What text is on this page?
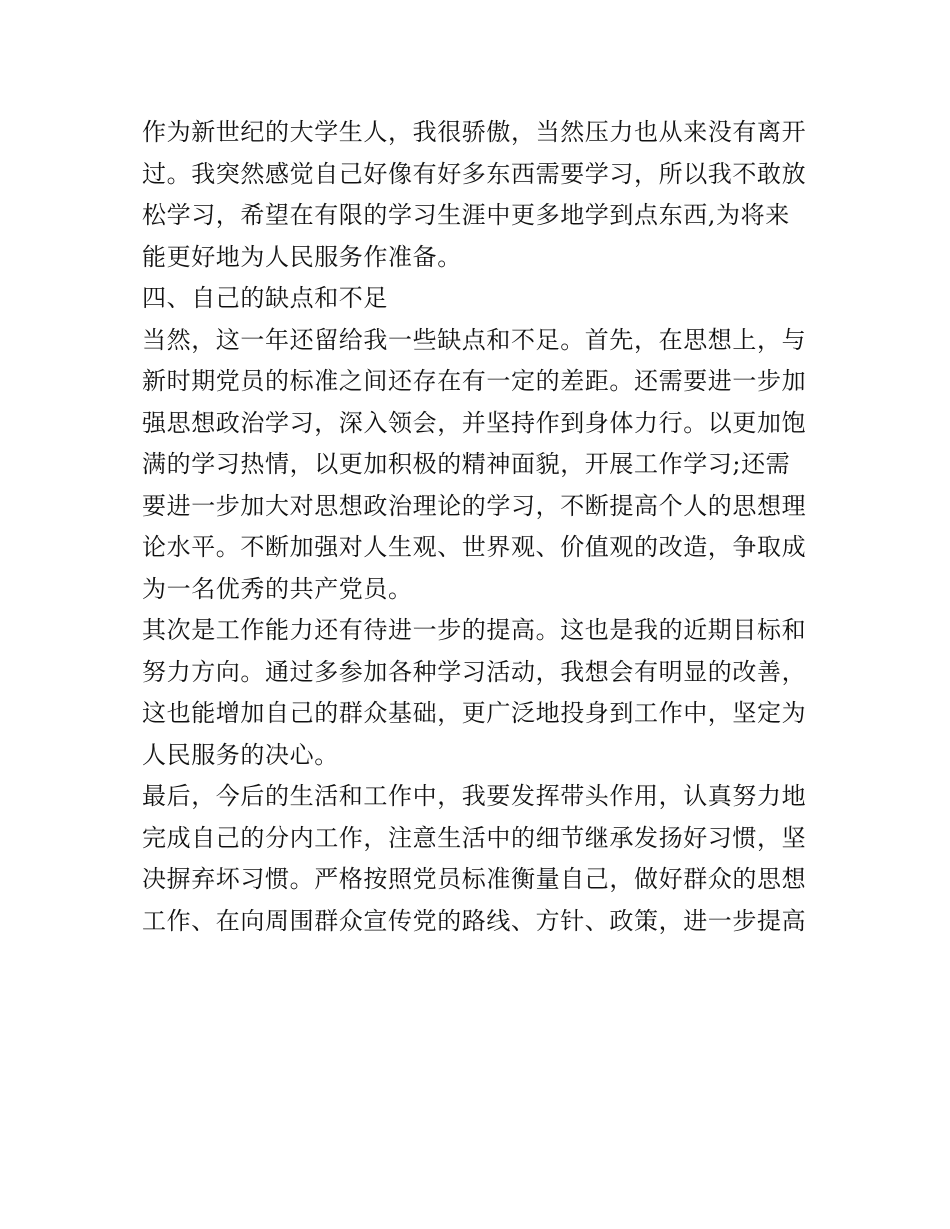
作为新世纪的大学生人，我很骄傲，当然压力也从来没有离开
过。我突然感觉自己好像有好多东西需要学习，所以我不敢放
松学习，希望在有限的学习生涯中更多地学到点东西,为将来
能更好地为人民服务作准备。
四、自己的缺点和不足
当然，这一年还留给我一些缺点和不足。首先，在思想上，与
新时期党员的标准之间还存在有一定的差距。还需要进一步加
强思想政治学习，深入领会，并坚持作到身体力行。以更加饱
满的学习热情，以更加积极的精神面貌，开展工作学习;还需
要进一步加大对思想政治理论的学习，不断提高个人的思想理
论水平。不断加强对人生观、世界观、价值观的改造，争取成
为一名优秀的共产党员。
其次是工作能力还有待进一步的提高。这也是我的近期目标和
努力方向。通过多参加各种学习活动，我想会有明显的改善，
这也能增加自己的群众基础，更广泛地投身到工作中，坚定为
人民服务的决心。
最后，今后的生活和工作中，我要发挥带头作用，认真努力地
完成自己的分内工作，注意生活中的细节继承发扬好习惯，坚
决摒弃坏习惯。严格按照党员标准衡量自己，做好群众的思想
工作、在向周围群众宣传党的路线、方针、政策，进一步提高
